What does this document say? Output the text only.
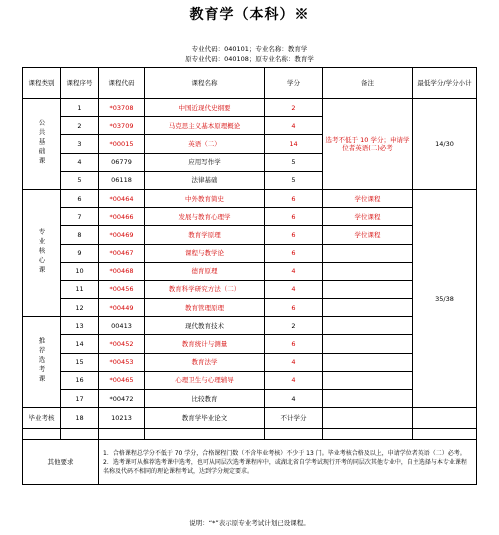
教育学（本科）※
专业代码：040101；专业名称：教育学
原专业代码：040108；原专业名称：教育学
课程类别	课程序号	课程代码	课程名称	学分	备注	最低学分/学分小计
公共基础课	1	*03708	中国近现代史纲要	2	选考不低于 10 学分；申请学位者英语(二)必考	14/30
	2	*03709	马克思主义基本原理概论	4		
	3	*00015	英语（二）	14		
	4	06779	应用写作学	5		
	5	06118	法律基础	5		
专业核心课	6	*00464	中外教育简史	6	学位课程	35/38
	7	*00466	发展与教育心理学	6	学位课程	
	8	*00469	教育学原理	6	学位课程	
	9	*00467	课程与教学论	6		
	10	*00468	德育原理	4		
	11	*00456	教育科学研究方法（二）	4		
	12	*00449	教育管理原理	6		
推荐选考课	13	00413	现代教育技术	2		
	14	*00452	教育统计与测量	6		
	15	*00453	教育法学	4		
	16	*00465	心理卫生与心理辅导	4		
	17	*00472	比较教育	4		
毕业考核	18	10213	教育学毕业论文	不计学分		

其他要求		1．合格课程总学分不低于 70 学分，合格课程门数（不含毕业考核）不少于 13 门。毕业考核合格及以上，申请学位者英语（二）必考。
2．选考课可从推荐选考课中选考，也可从同层次选考课程库中，或湖北省自学考试现行开考的同层次其他专业中，自主选择与本专业课程名称及代码不相同的理论课程考试，达到学分规定要求。				
说明：“*”表示原专业考试计划已设课程。
